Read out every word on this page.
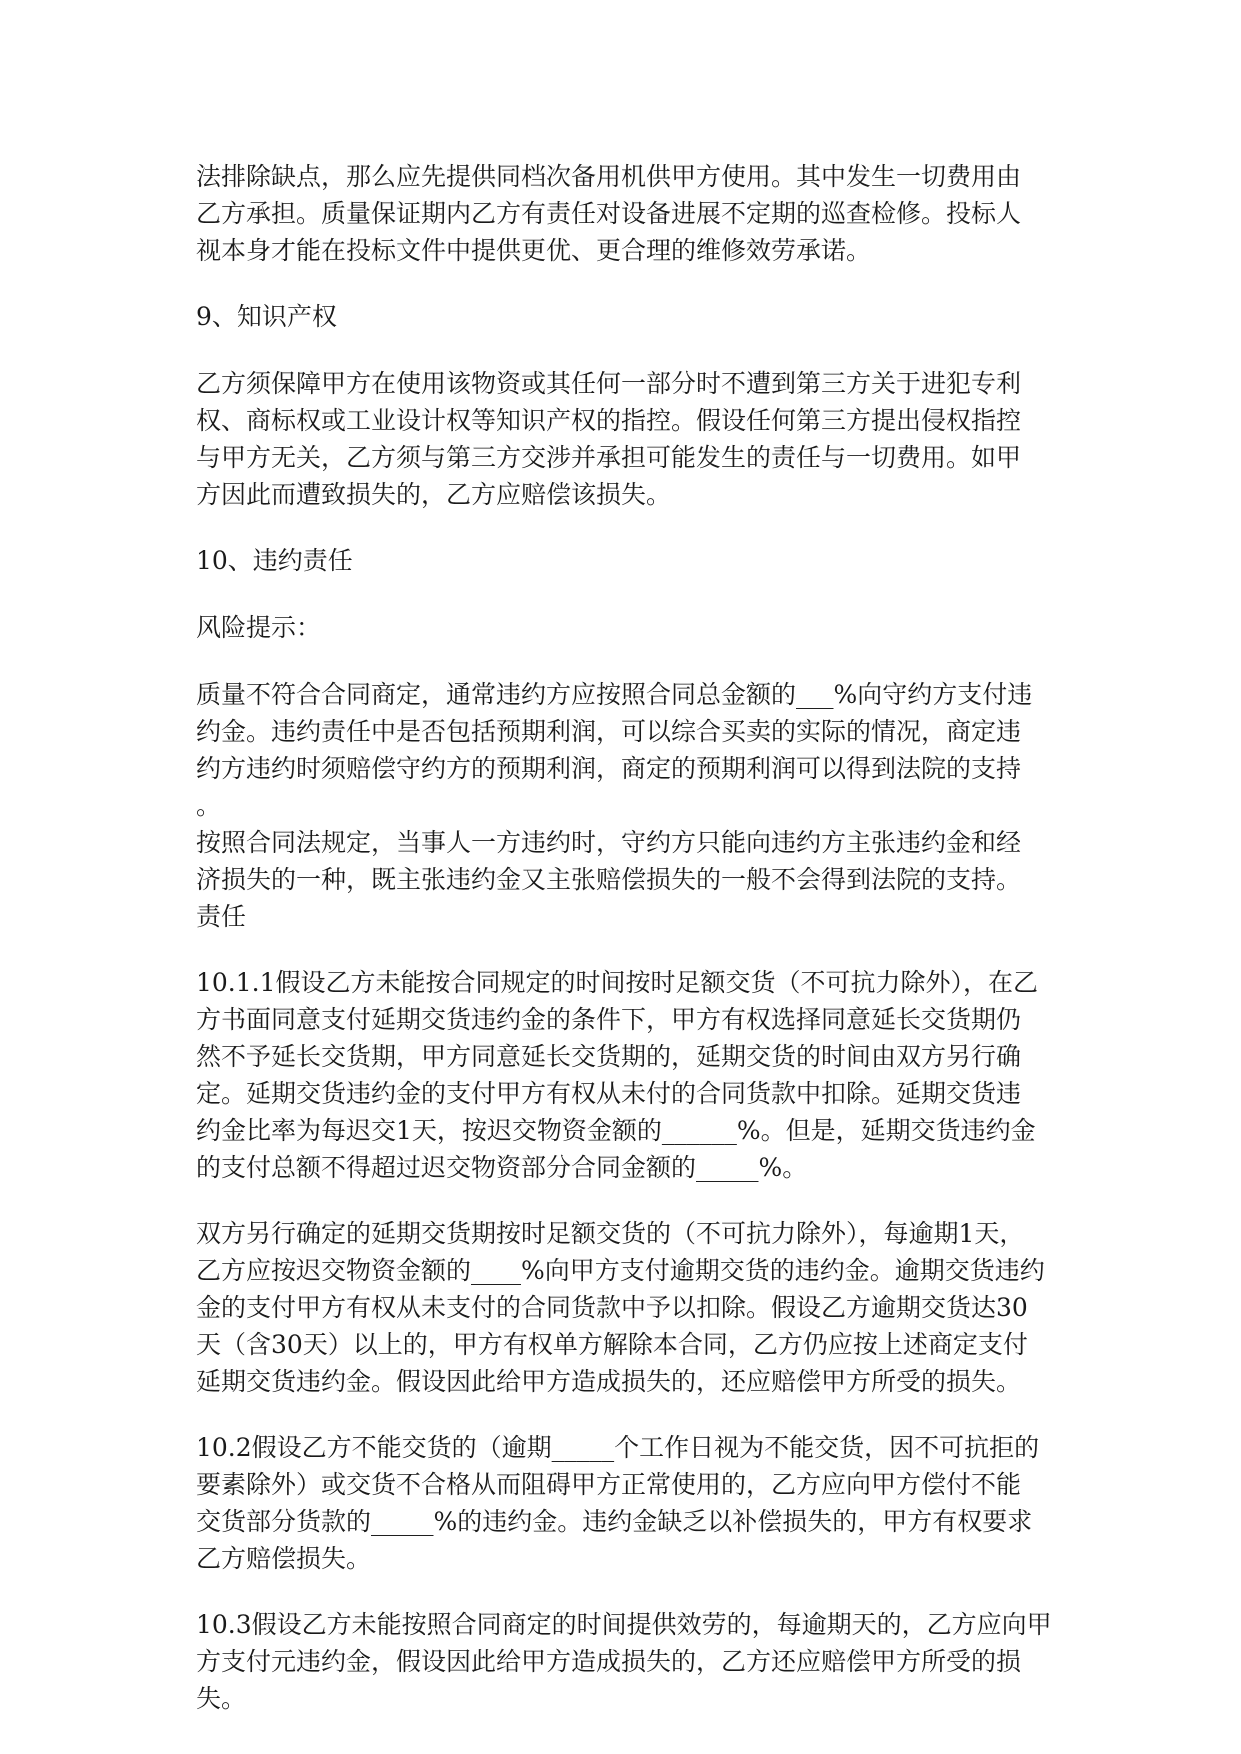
法排除缺点，那么应先提供同档次备用机供甲方使用。其中发生一切费用由
乙方承担。质量保证期内乙方有责任对设备进展不定期的巡查检修。投标人
视本身才能在投标文件中提供更优、更合理的维修效劳承诺。
9、知识产权
乙方须保障甲方在使用该物资或其任何一部分时不遭到第三方关于进犯专利
权、商标权或工业设计权等知识产权的指控。假设任何第三方提出侵权指控
与甲方无关，乙方须与第三方交涉并承担可能发生的责任与一切费用。如甲
方因此而遭致损失的，乙方应赔偿该损失。
10、违约责任
风险提示：
质量不符合合同商定，通常违约方应按照合同总金额的___%向守约方支付违
约金。违约责任中是否包括预期利润，可以综合买卖的实际的情况，商定违
约方违约时须赔偿守约方的预期利润，商定的预期利润可以得到法院的支持
。
按照合同法规定，当事人一方违约时，守约方只能向违约方主张违约金和经
济损失的一种，既主张违约金又主张赔偿损失的一般不会得到法院的支持。
责任
10.1.1假设乙方未能按合同规定的时间按时足额交货（不可抗力除外），在乙
方书面同意支付延期交货违约金的条件下，甲方有权选择同意延长交货期仍
然不予延长交货期，甲方同意延长交货期的，延期交货的时间由双方另行确
定。延期交货违约金的支付甲方有权从未付的合同货款中扣除。延期交货违
约金比率为每迟交1天，按迟交物资金额的______%。但是，延期交货违约金
的支付总额不得超过迟交物资部分合同金额的_____%。
双方另行确定的延期交货期按时足额交货的（不可抗力除外），每逾期1天，
乙方应按迟交物资金额的____%向甲方支付逾期交货的违约金。逾期交货违约
金的支付甲方有权从未支付的合同货款中予以扣除。假设乙方逾期交货达30
天（含30天）以上的，甲方有权单方解除本合同，乙方仍应按上述商定支付
延期交货违约金。假设因此给甲方造成损失的，还应赔偿甲方所受的损失。
10.2假设乙方不能交货的（逾期_____个工作日视为不能交货，因不可抗拒的
要素除外）或交货不合格从而阻碍甲方正常使用的，乙方应向甲方偿付不能
交货部分货款的_____%的违约金。违约金缺乏以补偿损失的，甲方有权要求
乙方赔偿损失。
10.3假设乙方未能按照合同商定的时间提供效劳的，每逾期天的，乙方应向甲
方支付元违约金，假设因此给甲方造成损失的，乙方还应赔偿甲方所受的损
失。
